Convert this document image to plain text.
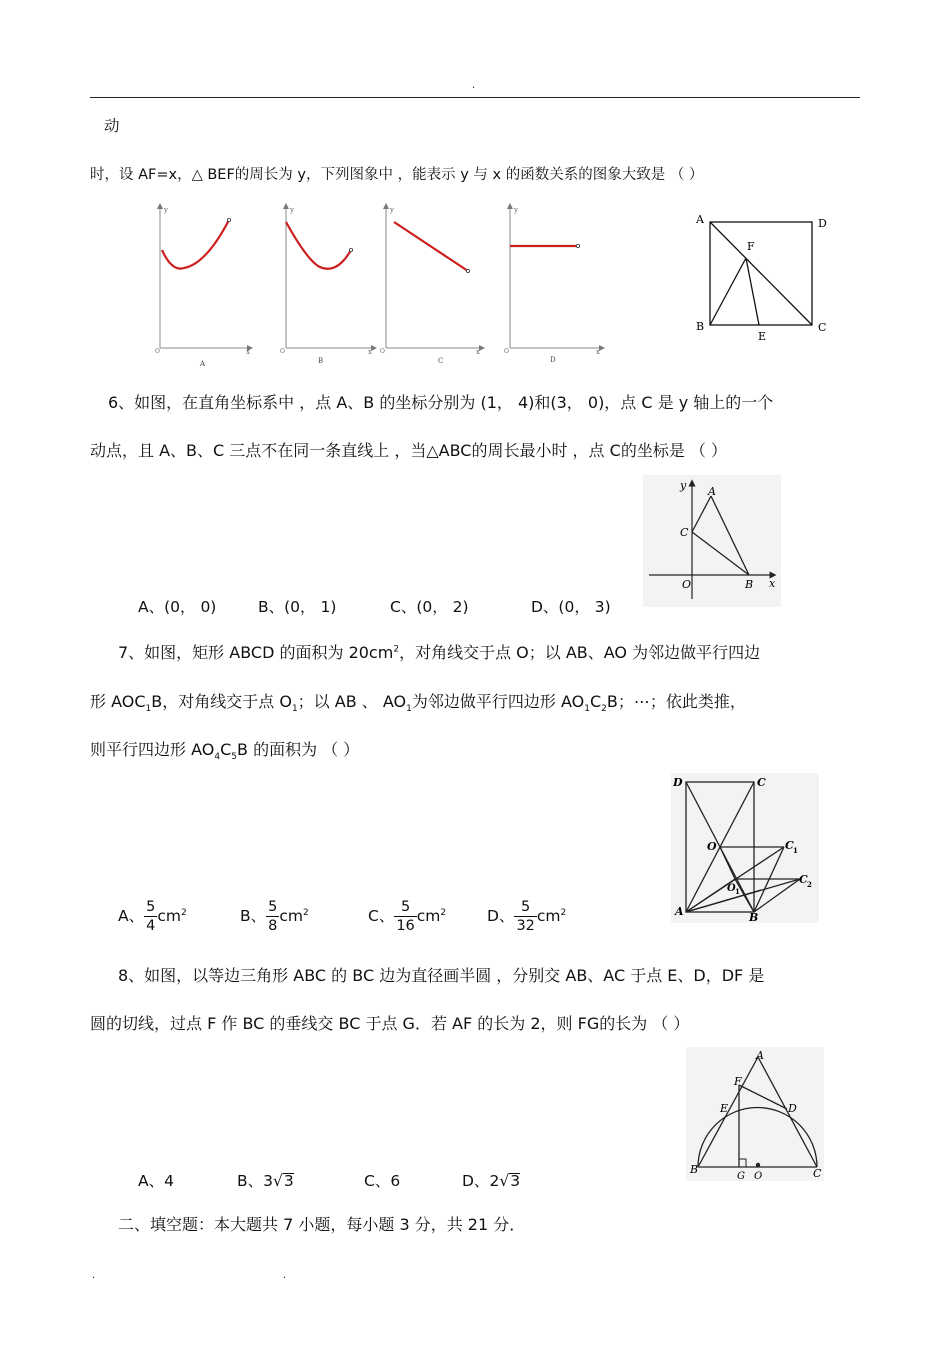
.
动
时，设 AF=x，△ BEF的周长为 y，下列图象中 ，能表示 y 与 x 的函数关系的图象大致是 （ ）
y
O	x
A
y
O	x
B
y
O	x
C
y
O	x
D
A	D
F
B
E
C
6、如图，在直角坐标系中 ，点 A、B 的坐标分别为 (1， 4)和(3， 0)，点 C 是 y 轴上的一个
动点，且 A、B、C 三点不在同一条直线上 ，当△ABC的周长最小时 ，点 C的坐标是 （ ）
y A
C
O	B x
A、(0， 0)	B、(0， 1)	C、(0， 2)	D、(0， 3)
7、如图，矩形 ABCD 的面积为 $20cm^2$，对角线交于点 O；以 AB、AO 为邻边做平行四边
形 $AOC_1B$，对角线交于点 $O_1$；以 AB 、 $AO_1$为邻边做平行四边形 $AO_1C_2B$；⋯；依此类推，
则平行四边形 $AO_4C_5B$ 的面积为 （ ）
D	C
O	C 1
O 1
C 2
A	B
A、 $\frac{5}{4} cm^2$	B、 $\frac{5}{8} cm^2$	C、 $\frac{5}{16} cm^2$	D、 $\frac{5}{32} cm^2$
8、如图，以等边三角形 ABC 的 BC 边为直径画半圆 ，分别交 AB、AC 于点 E、D，DF 是
圆的切线，过点 F 作 BC 的垂线交 BC 于点 G．若 AF 的长为 2，则 FG的长为 （ ）
A
F
E	D
B
G O	C
A、4	B、3√3	C、6	D、2√3
二、填空题：本大题共 7 小题，每小题 3 分，共 21 分．
.	.
